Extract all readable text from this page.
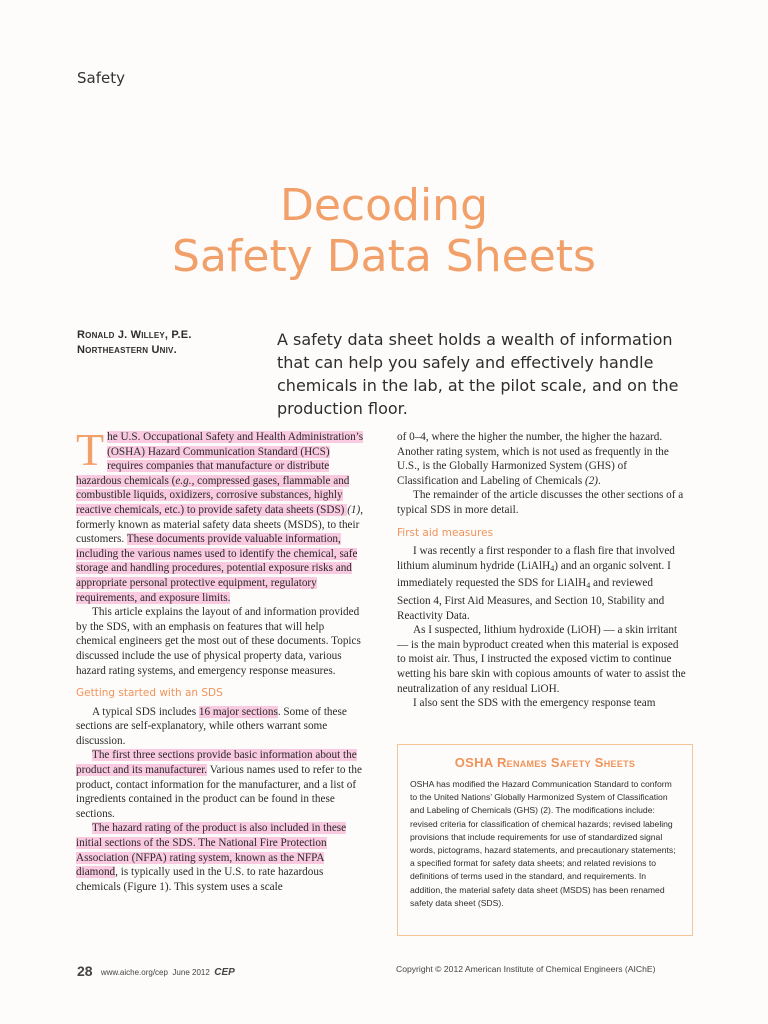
Safety
Decoding
Safety Data Sheets
Ronald J. Willey, P.E.
Northeastern Univ.
A safety data sheet holds a wealth of information that can help you safely and effectively handle chemicals in the lab, at the pilot scale, and on the production floor.

The U.S. Occupational Safety and Health Administration’s (OSHA) Hazard Communication Standard (HCS) requires companies that manufacture or distribute hazardous chemicals (e.g., compressed gases, flammable and combustible liquids, oxidizers, corrosive substances, highly reactive chemicals, etc.) to provide safety data sheets (SDS) (1), formerly known as material safety data sheets (MSDS), to their customers. These documents provide valuable information, including the various names used to identify the chemical, safe storage and handling procedures, potential exposure risks and appropriate personal protective equipment, regulatory requirements, and exposure limits.

This article explains the layout of and information provided by the SDS, with an emphasis on features that will help chemical engineers get the most out of these documents. Topics discussed include the use of physical property data, various hazard rating systems, and emergency response measures.

Getting started with an SDS

A typical SDS includes 16 major sections. Some of these sections are self-explanatory, while others warrant some discussion.

The first three sections provide basic information about the product and its manufacturer. Various names used to refer to the product, contact information for the manufacturer, and a list of ingredients contained in the product can be found in these sections.

The hazard rating of the product is also included in these initial sections of the SDS. The National Fire Protection Association (NFPA) rating system, known as the NFPA diamond, is typically used in the U.S. to rate hazardous chemicals (Figure 1). This system uses a scale

of 0–4, where the higher the number, the higher the hazard. Another rating system, which is not used as frequently in the U.S., is the Globally Harmonized System (GHS) of Classification and Labeling of Chemicals (2).

The remainder of the article discusses the other sections of a typical SDS in more detail.

First aid measures

I was recently a first responder to a flash fire that involved lithium aluminum hydride (LiAlH$_4$) and an organic solvent. I immediately requested the SDS for LiAlH$_4$ and reviewed Section 4, First Aid Measures, and Section 10, Stability and Reactivity Data.

As I suspected, lithium hydroxide (LiOH) — a skin irritant — is the main byproduct created when this material is exposed to moist air. Thus, I instructed the exposed victim to continue wetting his bare skin with copious amounts of water to assist the neutralization of any residual LiOH.

I also sent the SDS with the emergency response team

OSHA Renames Safety Sheets
OSHA has modified the Hazard Communication Standard to conform to the United Nations’ Globally Harmonized System of Classification and Labeling of Chemicals (GHS) (2). The modifications include: revised criteria for classification of chemical hazards; revised labeling provisions that include requirements for use of standardized signal words, pictograms, hazard statements, and precautionary statements; a specified format for safety data sheets; and related revisions to definitions of terms used in the standard, and requirements. In addition, the material safety data sheet (MSDS) has been renamed safety data sheet (SDS).
28 www.aiche.org/cep June 2012 CEP	Copyright © 2012 American Institute of Chemical Engineers (AIChE)
